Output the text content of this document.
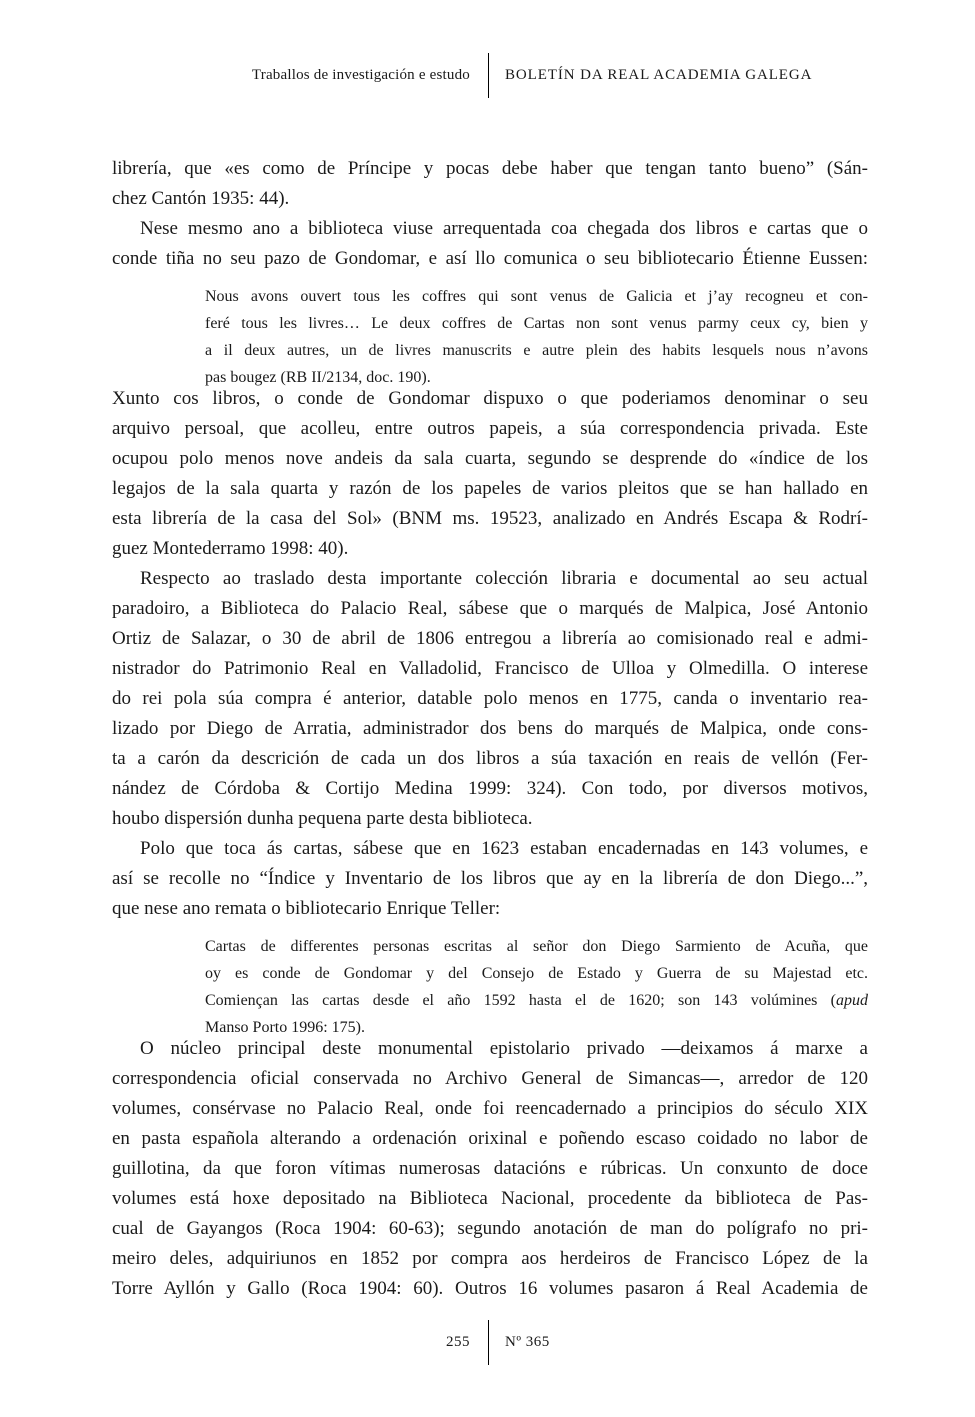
Traballos de investigación e estudo BOLETÍN DA REAL ACADEMIA GALEGA
librería, que «es como de Príncipe y pocas debe haber que tengan tanto bueno” (Sán-
chez Cantón 1935: 44).
Nese mesmo ano a biblioteca viuse arrequentada coa chegada dos libros e cartas que o
conde tiña no seu pazo de Gondomar, e así llo comunica o seu bibliotecario Étienne Eussen:
Nous avons ouvert tous les coffres qui sont venus de Galicia et j’ay recogneu et con-
feré tous les livres… Le deux coffres de Cartas non sont venus parmy ceux cy, bien y
a il deux autres, un de livres manuscrits e autre plein des habits lesquels nous n’avons
pas bougez (RB II/2134, doc. 190).
Xunto cos libros, o conde de Gondomar dispuxo o que poderiamos denominar o seu
arquivo persoal, que acolleu, entre outros papeis, a súa correspondencia privada. Este
ocupou polo menos nove andeis da sala cuarta, segundo se desprende do «índice de los
legajos de la sala quarta y razón de los papeles de varios pleitos que se han hallado en
esta librería de la casa del Sol» (BNM ms. 19523, analizado en Andrés Escapa & Rodrí-
guez Montederramo 1998: 40).
Respecto ao traslado desta importante colección libraria e documental ao seu actual
paradoiro, a Biblioteca do Palacio Real, sábese que o marqués de Malpica, José Antonio
Ortiz de Salazar, o 30 de abril de 1806 entregou a librería ao comisionado real e admi-
nistrador do Patrimonio Real en Valladolid, Francisco de Ulloa y Olmedilla. O interese
do rei pola súa compra é anterior, datable polo menos en 1775, canda o inventario rea-
lizado por Diego de Arratia, administrador dos bens do marqués de Malpica, onde cons-
ta a carón da descrición de cada un dos libros a súa taxación en reais de vellón (Fer-
nández de Córdoba & Cortijo Medina 1999: 324). Con todo, por diversos motivos,
houbo dispersión dunha pequena parte desta biblioteca.
Polo que toca ás cartas, sábese que en 1623 estaban encadernadas en 143 volumes, e
así se recolle no “Índice y Inventario de los libros que ay en la librería de don Diego...”,
que nese ano remata o bibliotecario Enrique Teller:
Cartas de differentes personas escritas al señor don Diego Sarmiento de Acuña, que
oy es conde de Gondomar y del Consejo de Estado y Guerra de su Majestad etc.
Comiençan las cartas desde el año 1592 hasta el de 1620; son 143 volúmines (apud
Manso Porto 1996: 175).
O núcleo principal deste monumental epistolario privado —deixamos á marxe a
correspondencia oficial conservada no Archivo General de Simancas—, arredor de 120
volumes, consérvase no Palacio Real, onde foi reencadernado a principios do século XIX
en pasta española alterando a ordenación orixinal e poñendo escaso coidado no labor de
guillotina, da que foron vítimas numerosas datacións e rúbricas. Un conxunto de doce
volumes está hoxe depositado na Biblioteca Nacional, procedente da biblioteca de Pas-
cual de Gayangos (Roca 1904: 60-63); segundo anotación de man do polígrafo no pri-
meiro deles, adquiriunos en 1852 por compra aos herdeiros de Francisco López de la
Torre Ayllón y Gallo (Roca 1904: 60). Outros 16 volumes pasaron á Real Academia de
255 Nº 365
